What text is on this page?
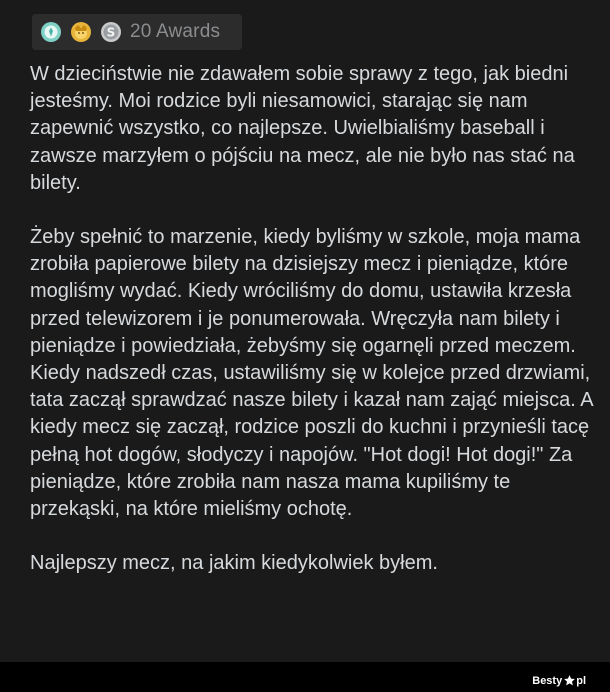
S 20 Awards

W dzieciństwie nie zdawałem sobie sprawy z tego, jak biedni jesteśmy. Moi rodzice byli niesamowici, starając się nam zapewnić wszystko, co najlepsze. Uwielbialiśmy baseball i zawsze marzyłem o pójściu na mecz, ale nie było nas stać na bilety.

Żeby spełnić to marzenie, kiedy byliśmy w szkole, moja mama zrobiła papierowe bilety na dzisiejszy mecz i pieniądze, które mogliśmy wydać. Kiedy wróciliśmy do domu, ustawiła krzesła przed telewizorem i je ponumerowała. Wręczyła nam bilety i pieniądze i powiedziała, żebyśmy się ogarnęli przed meczem. Kiedy nadszedł czas, ustawiliśmy się w kolejce przed drzwiami, tata zaczął sprawdzać nasze bilety i kazał nam zająć miejsca. A kiedy mecz się zaczął, rodzice poszli do kuchni i przynieśli tacę pełną hot dogów, słodyczy i napojów. "Hot dogi! Hot dogi!" Za pieniądze, które zrobiła nam nasza mama kupiliśmy te przekąski, na które mieliśmy ochotę.

Najlepszy mecz, na jakim kiedykolwiek byłem.

Besty pl
